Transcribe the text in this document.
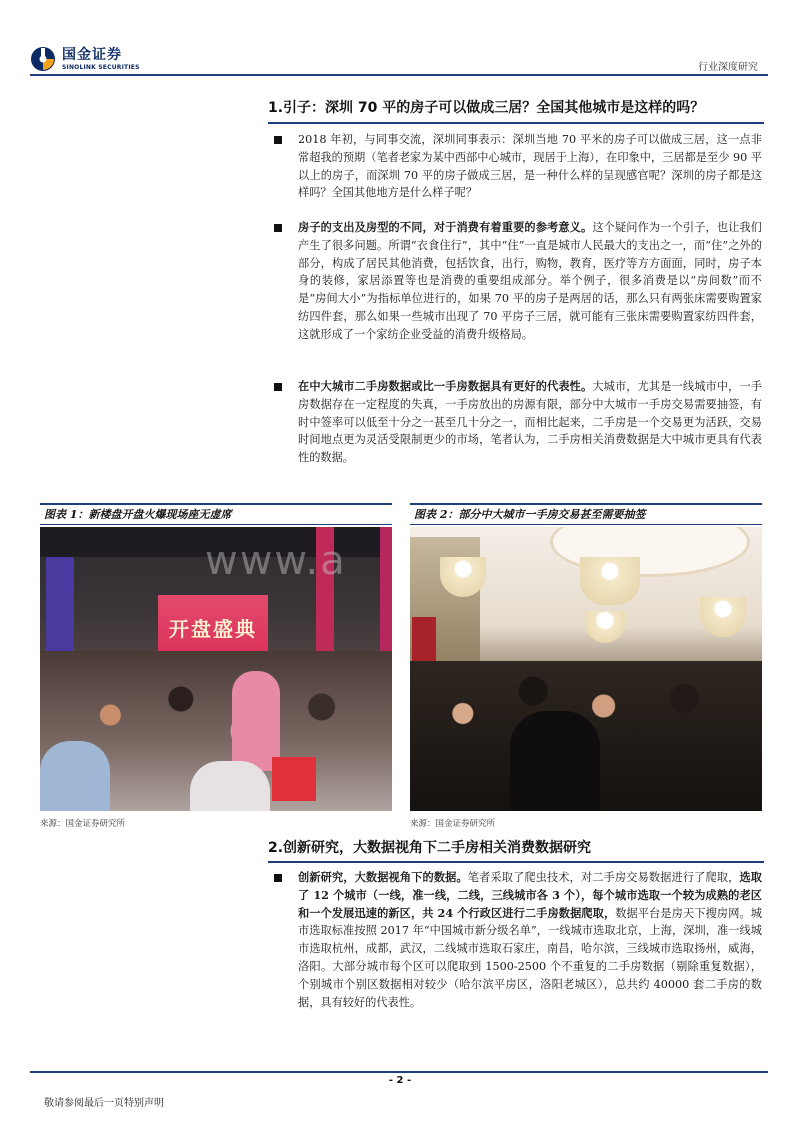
国金证券
SINOLINK SECURITIES	行业深度研究
1.引子：深圳 70 平的房子可以做成三居？全国其他城市是这样的吗？
2018 年初，与同事交流，深圳同事表示：深圳当地 70 平米的房子可以做成三居，这一点非常超我的预期（笔者老家为某中西部中心城市，现居于上海），在印象中，三居都是至少 90 平以上的房子，而深圳 70 平的房子做成三居，是一种什么样的呈现感官呢？深圳的房子都是这样吗？全国其他地方是什么样子呢？
房子的支出及房型的不同，对于消费有着重要的参考意义。这个疑问作为一个引子，也让我们产生了很多问题。所谓“衣食住行”，其中“住”一直是城市人民最大的支出之一，而“住”之外的部分，构成了居民其他消费，包括饮食，出行，购物，教育，医疗等方方面面，同时，房子本身的装修，家居添置等也是消费的重要组成部分。举个例子，很多消费是以“房间数”而不是“房间大小”为指标单位进行的，如果 70 平的房子是两居的话，那么只有两张床需要购置家纺四件套，那么如果一些城市出现了 70 平房子三居，就可能有三张床需要购置家纺四件套，这就形成了一个家纺企业受益的消费升级格局。
在中大城市二手房数据或比一手房数据具有更好的代表性。大城市，尤其是一线城市中，一手房数据存在一定程度的失真，一手房放出的房源有限，部分中大城市一手房交易需要抽签，有时中签率可以低至十分之一甚至几十分之一，而相比起来，二手房是一个交易更为活跃，交易时间地点更为灵活受限制更少的市场，笔者认为，二手房相关消费数据是大中城市更具有代表性的数据。
图表 1：新楼盘开盘火爆现场座无虚席
开盘盛典
来源：国金证券研究所
图表 2：部分中大城市一手房交易甚至需要抽签
来源：国金证券研究所
www.a
2.创新研究，大数据视角下二手房相关消费数据研究
创新研究，大数据视角下的数据。笔者采取了爬虫技术，对二手房交易数据进行了爬取，选取了 12 个城市（一线，准一线，二线，三线城市各 3 个），每个城市选取一个较为成熟的老区和一个发展迅速的新区，共 24 个行政区进行二手房数据爬取，数据平台是房天下搜房网。城市选取标准按照 2017 年“中国城市新分级名单”，一线城市选取北京，上海，深圳，准一线城市选取杭州，成都，武汉，二线城市选取石家庄，南昌，哈尔滨，三线城市选取扬州，威海，洛阳。大部分城市每个区可以爬取到 1500-2500 个不重复的二手房数据（剔除重复数据），个别城市个别区数据相对较少（哈尔滨平房区，洛阳老城区），总共约 40000 套二手房的数据，具有较好的代表性。
- 2 -
敬请参阅最后一页特别声明
